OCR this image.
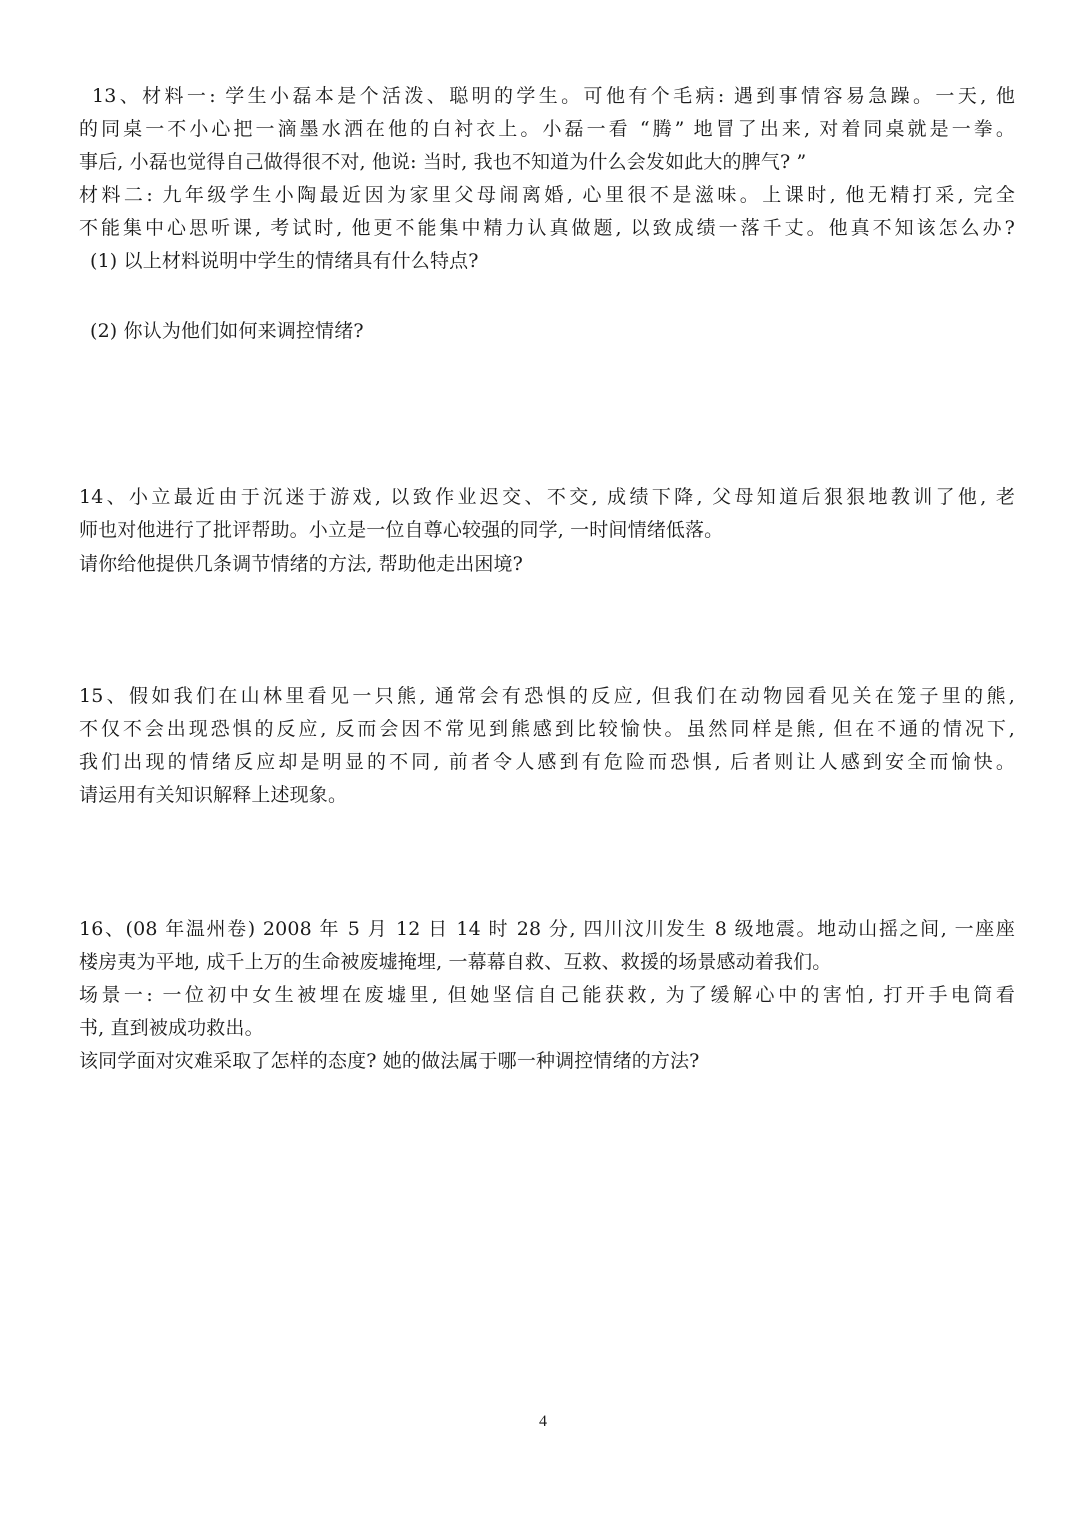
13、材料一: 学生小磊本是个活泼、聪明的学生。可他有个毛病: 遇到事情容易急躁。一天, 他
的同桌一不小心把一滴墨水洒在他的白衬衣上。小磊一看 “腾” 地冒了出来, 对着同桌就是一拳。
事后, 小磊也觉得自己做得很不对, 他说: 当时, 我也不知道为什么会发如此大的脾气? ”
材料二: 九年级学生小陶最近因为家里父母闹离婚, 心里很不是滋味。上课时, 他无精打采, 完全
不能集中心思听课, 考试时, 他更不能集中精力认真做题, 以致成绩一落千丈。他真不知该怎么办?
(1) 以上材料说明中学生的情绪具有什么特点?
(2) 你认为他们如何来调控情绪?
14、小立最近由于沉迷于游戏, 以致作业迟交、不交, 成绩下降, 父母知道后狠狠地教训了他, 老
师也对他进行了批评帮助。小立是一位自尊心较强的同学, 一时间情绪低落。
请你给他提供几条调节情绪的方法, 帮助他走出困境?
15、假如我们在山林里看见一只熊, 通常会有恐惧的反应, 但我们在动物园看见关在笼子里的熊,
不仅不会出现恐惧的反应, 反而会因不常见到熊感到比较愉快。虽然同样是熊, 但在不通的情况下,
我们出现的情绪反应却是明显的不同, 前者令人感到有危险而恐惧, 后者则让人感到安全而愉快。
请运用有关知识解释上述现象。
16、(08 年温州卷) 2008 年 5 月 12 日 14 时 28 分, 四川汶川发生 8 级地震。地动山摇之间, 一座座
楼房夷为平地, 成千上万的生命被废墟掩埋, 一幕幕自救、互救、救援的场景感动着我们。
场景一: 一位初中女生被埋在废墟里, 但她坚信自己能获救, 为了缓解心中的害怕, 打开手电筒看
书, 直到被成功救出。
该同学面对灾难采取了怎样的态度? 她的做法属于哪一种调控情绪的方法?
4
